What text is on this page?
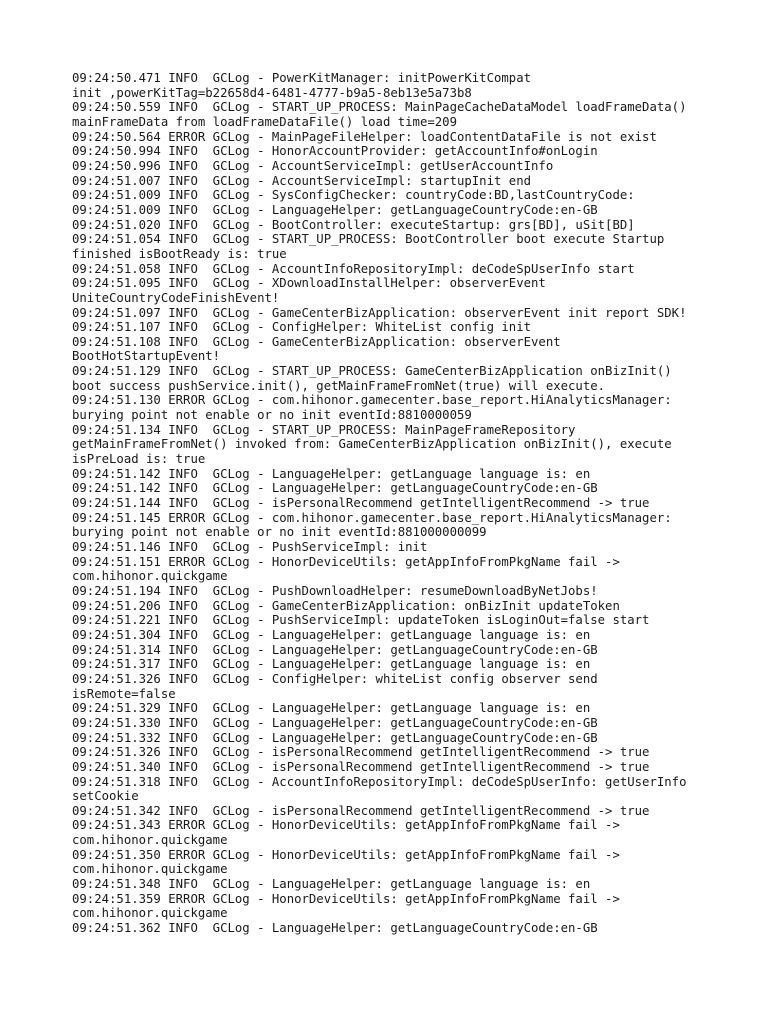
09:24:50.471 INFO  GCLog - PowerKitManager: initPowerKitCompat
init ,powerKitTag=b22658d4-6481-4777-b9a5-8eb13e5a73b8
09:24:50.559 INFO  GCLog - START_UP_PROCESS: MainPageCacheDataModel loadFrameData()
mainFrameData from loadFrameDataFile() load time=209
09:24:50.564 ERROR GCLog - MainPageFileHelper: loadContentDataFile is not exist
09:24:50.994 INFO  GCLog - HonorAccountProvider: getAccountInfo#onLogin
09:24:50.996 INFO  GCLog - AccountServiceImpl: getUserAccountInfo
09:24:51.007 INFO  GCLog - AccountServiceImpl: startupInit end
09:24:51.009 INFO  GCLog - SysConfigChecker: countryCode:BD,lastCountryCode:
09:24:51.009 INFO  GCLog - LanguageHelper: getLanguageCountryCode:en-GB
09:24:51.020 INFO  GCLog - BootController: executeStartup: grs[BD], uSit[BD]
09:24:51.054 INFO  GCLog - START_UP_PROCESS: BootController boot execute Startup
finished isBootReady is: true
09:24:51.058 INFO  GCLog - AccountInfoRepositoryImpl: deCodeSpUserInfo start
09:24:51.095 INFO  GCLog - XDownloadInstallHelper: observerEvent
UniteCountryCodeFinishEvent!
09:24:51.097 INFO  GCLog - GameCenterBizApplication: observerEvent init report SDK!
09:24:51.107 INFO  GCLog - ConfigHelper: WhiteList config init
09:24:51.108 INFO  GCLog - GameCenterBizApplication: observerEvent
BootHotStartupEvent!
09:24:51.129 INFO  GCLog - START_UP_PROCESS: GameCenterBizApplication onBizInit()
boot success pushService.init(), getMainFrameFromNet(true) will execute.
09:24:51.130 ERROR GCLog - com.hihonor.gamecenter.base_report.HiAnalyticsManager:
burying point not enable or no init eventId:8810000059
09:24:51.134 INFO  GCLog - START_UP_PROCESS: MainPageFrameRepository
getMainFrameFromNet() invoked from: GameCenterBizApplication onBizInit(), execute
isPreLoad is: true
09:24:51.142 INFO  GCLog - LanguageHelper: getLanguage language is: en
09:24:51.142 INFO  GCLog - LanguageHelper: getLanguageCountryCode:en-GB
09:24:51.144 INFO  GCLog - isPersonalRecommend getIntelligentRecommend -> true
09:24:51.145 ERROR GCLog - com.hihonor.gamecenter.base_report.HiAnalyticsManager:
burying point not enable or no init eventId:881000000099
09:24:51.146 INFO  GCLog - PushServiceImpl: init
09:24:51.151 ERROR GCLog - HonorDeviceUtils: getAppInfoFromPkgName fail ->
com.hihonor.quickgame
09:24:51.194 INFO  GCLog - PushDownloadHelper: resumeDownloadByNetJobs!
09:24:51.206 INFO  GCLog - GameCenterBizApplication: onBizInit updateToken
09:24:51.221 INFO  GCLog - PushServiceImpl: updateToken isLoginOut=false start
09:24:51.304 INFO  GCLog - LanguageHelper: getLanguage language is: en
09:24:51.314 INFO  GCLog - LanguageHelper: getLanguageCountryCode:en-GB
09:24:51.317 INFO  GCLog - LanguageHelper: getLanguage language is: en
09:24:51.326 INFO  GCLog - ConfigHelper: whiteList config observer send
isRemote=false
09:24:51.329 INFO  GCLog - LanguageHelper: getLanguage language is: en
09:24:51.330 INFO  GCLog - LanguageHelper: getLanguageCountryCode:en-GB
09:24:51.332 INFO  GCLog - LanguageHelper: getLanguageCountryCode:en-GB
09:24:51.326 INFO  GCLog - isPersonalRecommend getIntelligentRecommend -> true
09:24:51.340 INFO  GCLog - isPersonalRecommend getIntelligentRecommend -> true
09:24:51.318 INFO  GCLog - AccountInfoRepositoryImpl: deCodeSpUserInfo: getUserInfo
setCookie
09:24:51.342 INFO  GCLog - isPersonalRecommend getIntelligentRecommend -> true
09:24:51.343 ERROR GCLog - HonorDeviceUtils: getAppInfoFromPkgName fail ->
com.hihonor.quickgame
09:24:51.350 ERROR GCLog - HonorDeviceUtils: getAppInfoFromPkgName fail ->
com.hihonor.quickgame
09:24:51.348 INFO  GCLog - LanguageHelper: getLanguage language is: en
09:24:51.359 ERROR GCLog - HonorDeviceUtils: getAppInfoFromPkgName fail ->
com.hihonor.quickgame
09:24:51.362 INFO  GCLog - LanguageHelper: getLanguageCountryCode:en-GB
